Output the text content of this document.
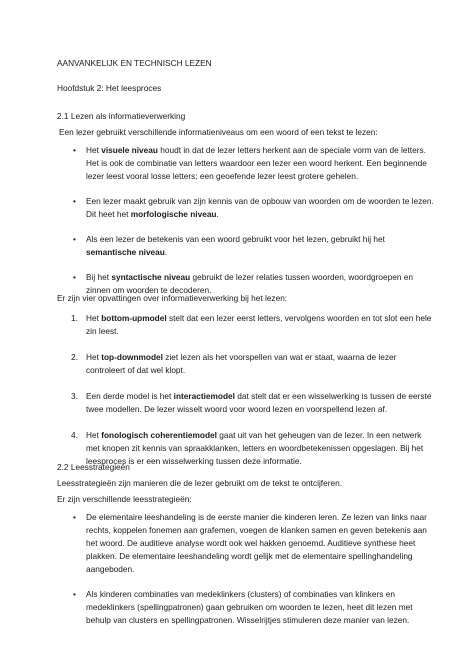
AANVANKELIJK EN TECHNISCH LEZEN

Hoofdstuk 2: Het leesproces

2.1 Lezen als informatieverwerking

Een lezer gebruikt verschillende informatieniveaus om een woord of een tekst te lezen:

• Het visuele niveau houdt in dat de lezer letters herkent aan de speciale vorm van de letters. Het is ook de combinatie van letters waardoor een lezer een woord herkent. Een beginnende lezer leest vooral losse letters; een geoefende lezer leest grotere gehelen.
• Een lezer maakt gebruik van zijn kennis van de opbouw van woorden om de woorden te lezen. Dit heet het morfologische niveau.
• Als een lezer de betekenis van een woord gebruikt voor het lezen, gebruikt hij het semantische niveau.
• Bij het syntactische niveau gebruikt de lezer relaties tussen woorden, woordgroepen en zinnen om woorden te decoderen.

Er zijn vier opvattingen over informatieverwerking bij het lezen:

1. Het bottom-upmodel stelt dat een lezer eerst letters, vervolgens woorden en tot slot een hele zin leest.
2. Het top-downmodel ziet lezen als het voorspellen van wat er staat, waarna de lezer controleert of dat wel klopt.
3. Een derde model is het interactiemodel dat stelt dat er een wisselwerking is tussen de eerste twee modellen. De lezer wisselt woord voor woord lezen en voorspellend lezen af.
4. Het fonologisch coherentiemodel gaat uit van het geheugen van de lezer. In een netwerk met knopen zit kennis van spraakklanken, letters en woordbetekenissen opgeslagen. Bij het leesproces is er een wisselwerking tussen deze informatie.

2.2 Leesstrategieën

Leesstrategieën zijn manieren die de lezer gebruikt om de tekst te ontcijferen.

Er zijn verschillende leesstrategieën:

• De elementaire leeshandeling is de eerste manier die kinderen leren. Ze lezen van links naar rechts, koppelen fonemen aan grafemen, voegen de klanken samen en geven betekenis aan het woord. De auditieve analyse wordt ook wel hakken genoemd. Auditieve synthese heet plakken. De elementaire leeshandeling wordt gelijk met de elementaire spellinghandeling aangeboden.
• Als kinderen combinaties van medeklinkers (clusters) of combinaties van klinkers en medeklinkers (spellingpatronen) gaan gebruiken om woorden te lezen, heet dit lezen met behulp van clusters en spellingpatronen. Wisselrijtjes stimuleren deze manier van lezen.
